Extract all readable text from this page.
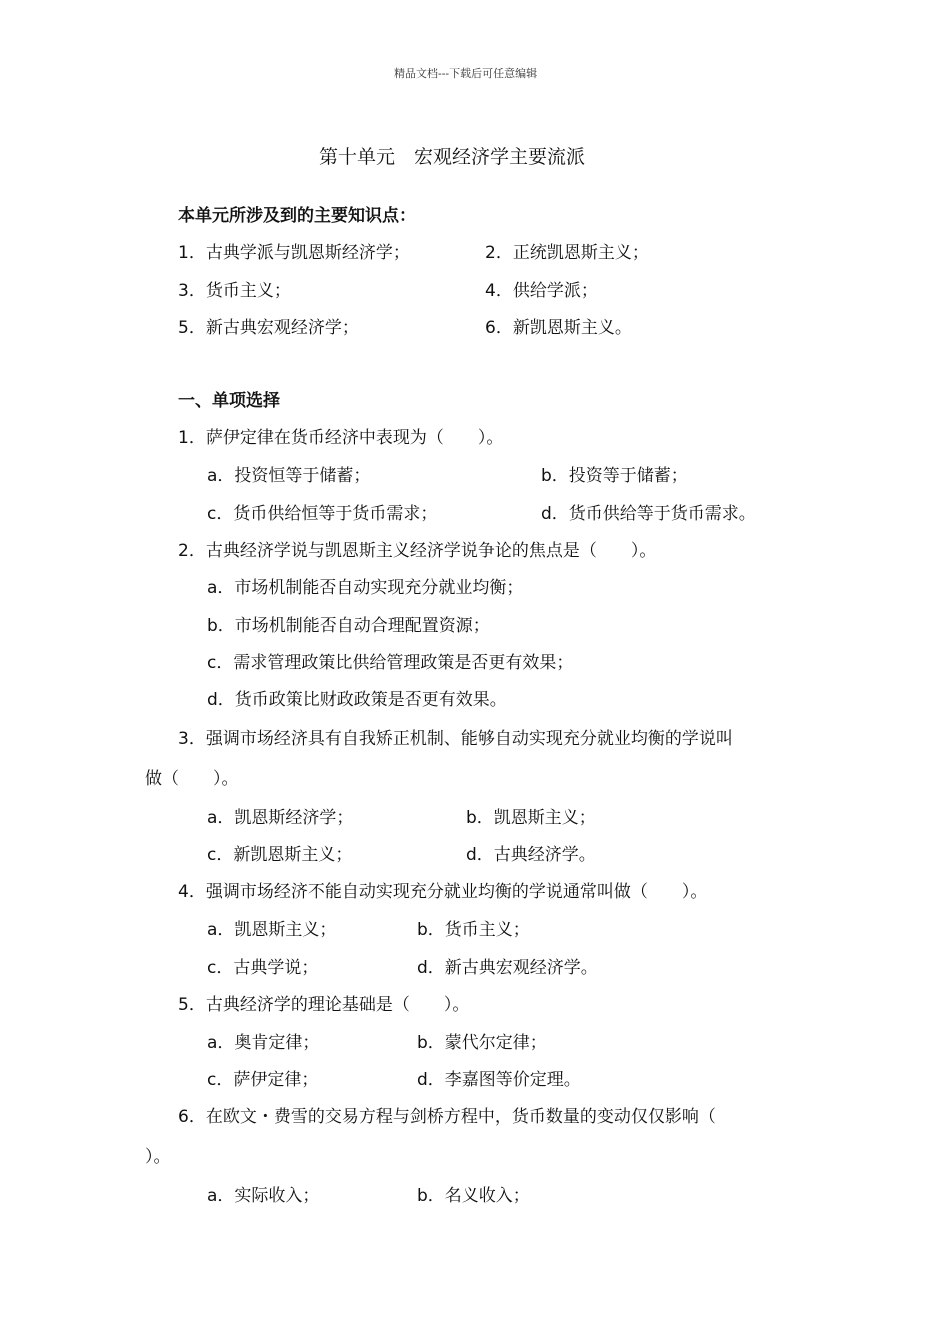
精品文档---下载后可任意编辑
第十单元　宏观经济学主要流派
本单元所涉及到的主要知识点：
1．古典学派与凯恩斯经济学；	2．正统凯恩斯主义；
3．货币主义；	4．供给学派；
5．新古典宏观经济学；	6．新凯恩斯主义。
一、单项选择
1．萨伊定律在货币经济中表现为（　　）。
a．投资恒等于储蓄；	b．投资等于储蓄；
c．货币供给恒等于货币需求；	d．货币供给等于货币需求。
2．古典经济学说与凯恩斯主义经济学说争论的焦点是（　　）。
a．市场机制能否自动实现充分就业均衡；
b．市场机制能否自动合理配置资源；
c．需求管理政策比供给管理政策是否更有效果；
d．货币政策比财政政策是否更有效果。
3．强调市场经济具有自我矫正机制、能够自动实现充分就业均衡的学说叫
做（　　）。
a．凯恩斯经济学；	b．凯恩斯主义；
c．新凯恩斯主义；	d．古典经济学。
4．强调市场经济不能自动实现充分就业均衡的学说通常叫做（　　）。
a．凯恩斯主义；	b．货币主义；
c．古典学说；	d．新古典宏观经济学。
5．古典经济学的理论基础是（　　）。
a．奥肯定律；	b．蒙代尔定律；
c．萨伊定律；	d．李嘉图等价定理。
6．在欧文・费雪的交易方程与剑桥方程中，货币数量的变动仅仅影响（
）。
a．实际收入；	b．名义收入；
